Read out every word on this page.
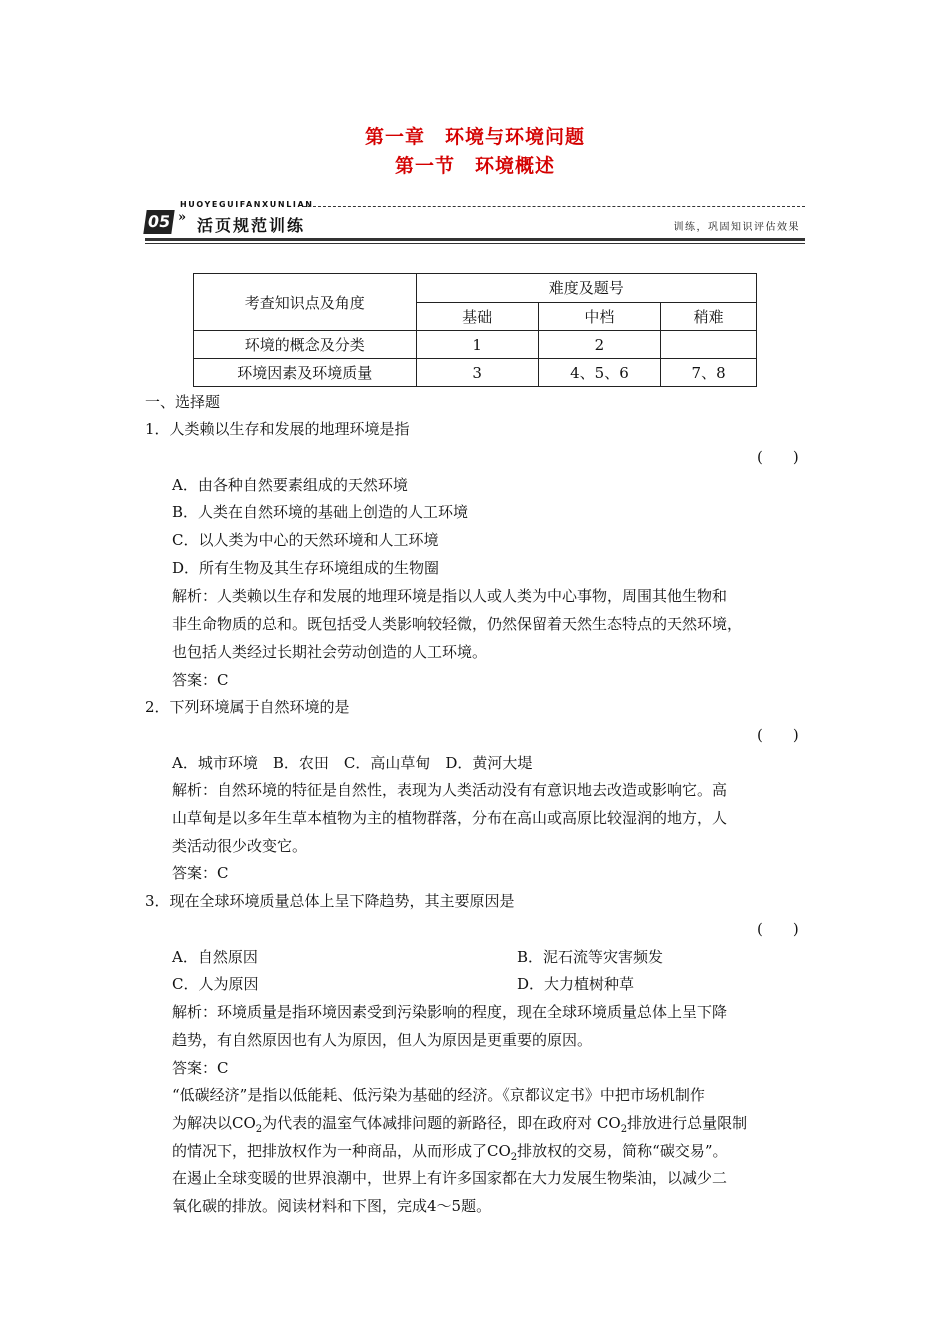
第一章　环境与环境问题
第一节　环境概述
HUOYEGUIFANXUNLIAN
05 » 活页规范训练	训练，巩固知识评估效果
考查知识点及角度	难度及题号		
	基础	中档	稍难
环境的概念及分类	1	2	
环境因素及环境质量	3	4、5、6	7、8
一、选择题
1．人类赖以生存和发展的地理环境是指
(　　)
A．由各种自然要素组成的天然环境
B．人类在自然环境的基础上创造的人工环境
C．以人类为中心的天然环境和人工环境
D．所有生物及其生存环境组成的生物圈
解析：人类赖以生存和发展的地理环境是指以人或人类为中心事物，周围其他生物和
非生命物质的总和。既包括受人类影响较轻微，仍然保留着天然生态特点的天然环境，
也包括人类经过长期社会劳动创造的人工环境。
答案：C
2．下列环境属于自然环境的是
(　　)
A．城市环境　B．农田　C．高山草甸　D．黄河大堤
解析：自然环境的特征是自然性，表现为人类活动没有有意识地去改造或影响它。高
山草甸是以多年生草本植物为主的植物群落，分布在高山或高原比较湿润的地方，人
类活动很少改变它。
答案：C
3．现在全球环境质量总体上呈下降趋势，其主要原因是
(　　)
A．自然原因	B．泥石流等灾害频发
C．人为原因	D．大力植树种草
解析：环境质量是指环境因素受到污染影响的程度，现在全球环境质量总体上呈下降
趋势，有自然原因也有人为原因，但人为原因是更重要的原因。
答案：C
“低碳经济”是指以低能耗、低污染为基础的经济。《京都议定书》中把市场机制作
为解决以$CO_2$为代表的温室气体减排问题的新路径，即在政府对 $CO_2$排放进行总量限制
的情况下，把排放权作为一种商品，从而形成了$CO_2$排放权的交易，简称“碳交易”。
在遏止全球变暖的世界浪潮中，世界上有许多国家都在大力发展生物柴油，以减少二
氧化碳的排放。阅读材料和下图，完成4～5题。
